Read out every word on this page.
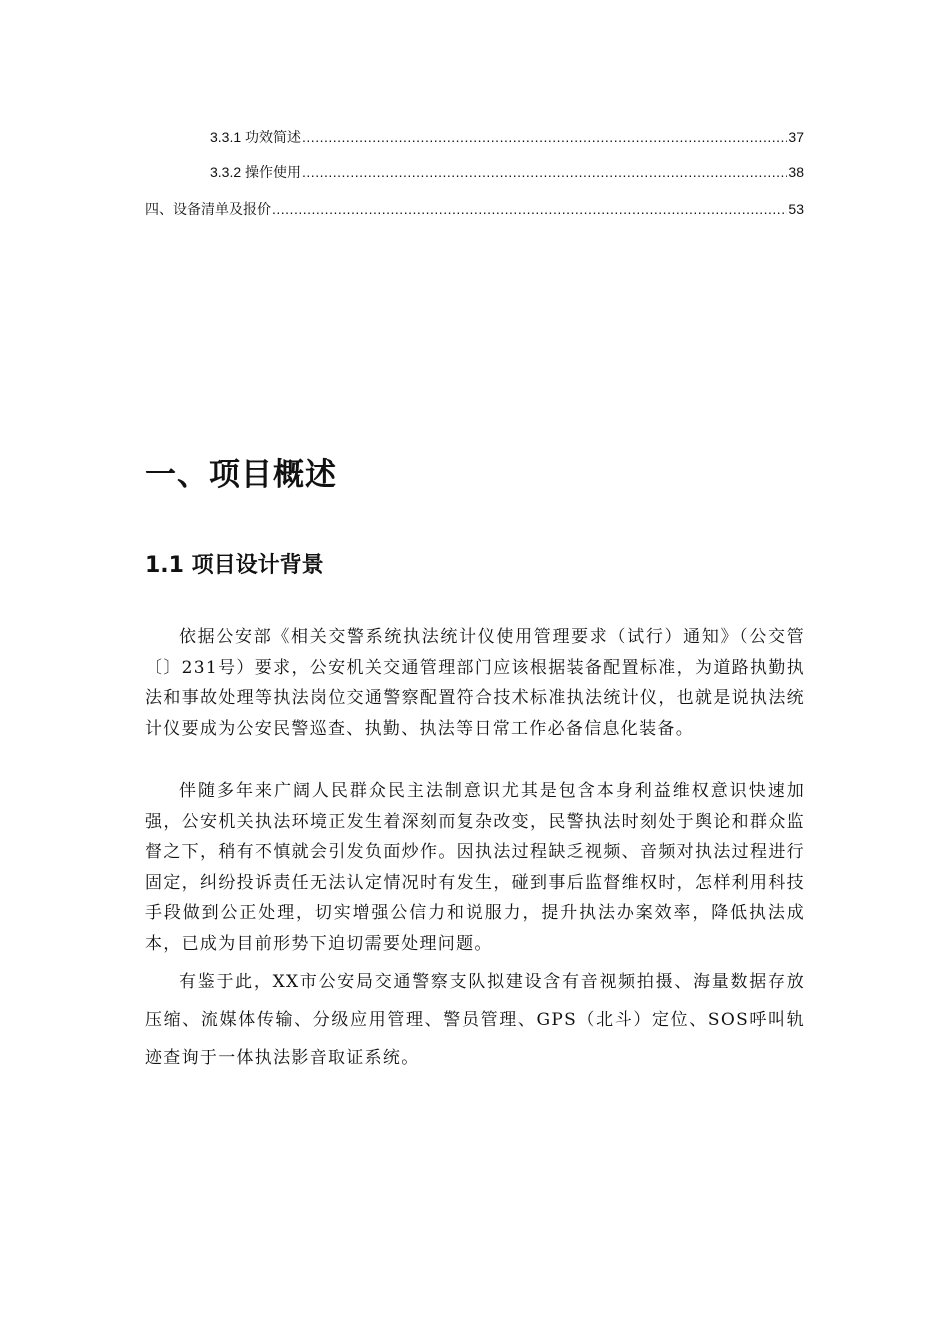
3.3.1 功效简述 .....	37
3.3.2 操作使用 .....	38
四、设备清单及报价 .....	53
一、项目概述
1.1 项目设计背景

依据公安部《相关交警系统执法统计仪使用管理要求（试行）通知》（公交管〔〕231号）要求，公安机关交通管理部门应该根据装备配置标准，为道路执勤执法和事故处理等执法岗位交通警察配置符合技术标准执法统计仪，也就是说执法统计仪要成为公安民警巡查、执勤、执法等日常工作必备信息化装备。

伴随多年来广阔人民群众民主法制意识尤其是包含本身利益维权意识快速加强，公安机关执法环境正发生着深刻而复杂改变，民警执法时刻处于舆论和群众监督之下，稍有不慎就会引发负面炒作。因执法过程缺乏视频、音频对执法过程进行固定，纠纷投诉责任无法认定情况时有发生，碰到事后监督维权时，怎样利用科技手段做到公正处理，切实增强公信力和说服力，提升执法办案效率，降低执法成本，已成为目前形势下迫切需要处理问题。

有鉴于此，XX市公安局交通警察支队拟建设含有音视频拍摄、海量数据存放压缩、流媒体传输、分级应用管理、警员管理、GPS（北斗）定位、SOS呼叫轨迹查询于一体执法影音取证系统。
